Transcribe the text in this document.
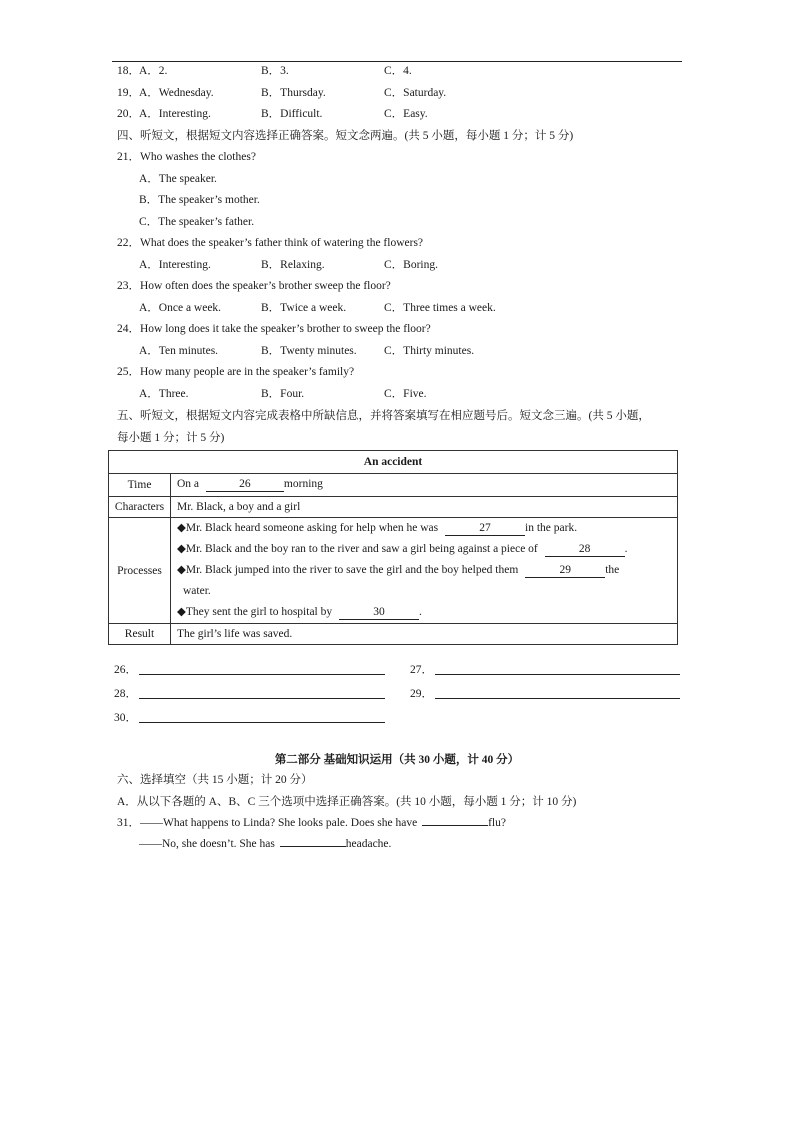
18． A．2.	B．3.	C．4.
19． A．Wednesday.	B．Thursday.	C．Saturday.
20． A．Interesting.	B．Difficult.	C．Easy.
四、听短文，根据短文内容选择正确答案。短文念两遍。(共 5 小题，每小题 1 分；计 5 分)
21．Who washes the clothes?
A．The speaker.
B．The speaker’s mother.
C．The speaker’s father.
22．What does the speaker’s father think of watering the flowers?
A．Interesting.	B．Relaxing.	C．Boring.
23．How often does the speaker’s brother sweep the floor?
A．Once a week.	B．Twice a week.	C．Three times a week.
24．How long does it take the speaker’s brother to sweep the floor?
A．Ten minutes.	B．Twenty minutes. C．Thirty minutes.
25．How many people are in the speaker’s family?
A．Three.	B．Four.	C．Five.
五、听短文，根据短文内容完成表格中所缺信息，并将答案填写在相应题号后。短文念三遍。(共 5 小题，
每小题 1 分；计 5 分)
An accident	
Time	On a 26 morning
Characters	Mr. Black, a boy and a girl
Processes	◆Mr. Black heard someone asking for help when he was 27 in the park.
◆Mr. Black and the boy ran to the river and saw a girl being against a piece of 28 .
◆Mr. Black jumped into the river to save the girl and the boy helped them 29 the
water.
◆They sent the girl to hospital by 30 .

Result	The girl’s life was saved.
26．	27．
28．	29．
30．
第二部分 基础知识运用（共 30 小题，计 40 分）
六、选择填空（共 15 小题；计 20 分）
A．从以下各题的 A、B、C 三个选项中选择正确答案。(共 10 小题，每小题 1 分；计 10 分)
31．——What happens to Linda? She looks pale. Does she have	flu?
——No, she doesn’t. She has	headache.
